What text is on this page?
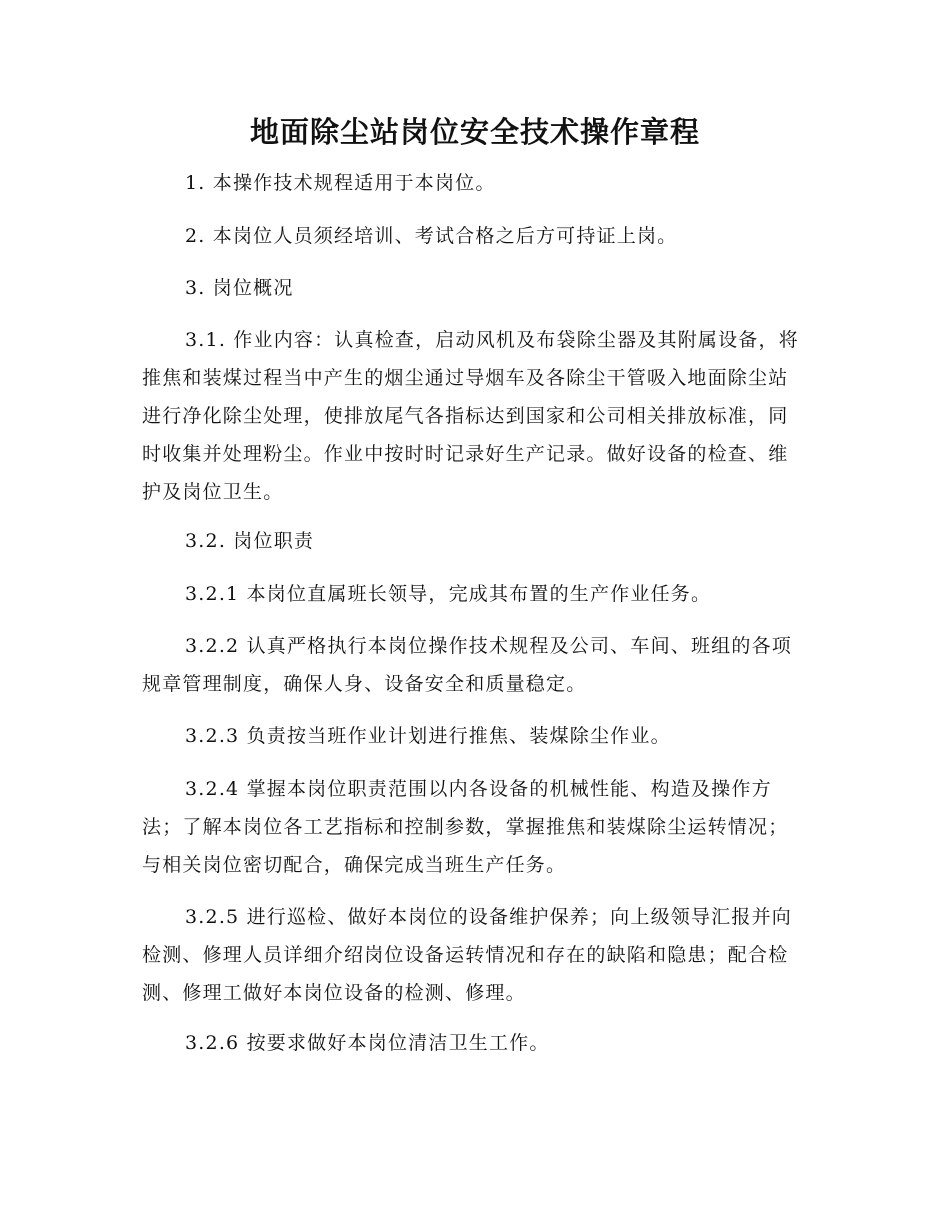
地面除尘站岗位安全技术操作章程

1. 本操作技术规程适用于本岗位。

2. 本岗位人员须经培训、考试合格之后方可持证上岗。

3. 岗位概况

3.1. 作业内容：认真检查，启动风机及布袋除尘器及其附属设备，将推焦和装煤过程当中产生的烟尘通过导烟车及各除尘干管吸入地面除尘站进行净化除尘处理，使排放尾气各指标达到国家和公司相关排放标准，同时收集并处理粉尘。作业中按时时记录好生产记录。做好设备的检查、维护及岗位卫生。

3.2. 岗位职责

3.2.1 本岗位直属班长领导，完成其布置的生产作业任务。

3.2.2 认真严格执行本岗位操作技术规程及公司、车间、班组的各项规章管理制度，确保人身、设备安全和质量稳定。

3.2.3 负责按当班作业计划进行推焦、装煤除尘作业。

3.2.4 掌握本岗位职责范围以内各设备的机械性能、构造及操作方法；了解本岗位各工艺指标和控制参数，掌握推焦和装煤除尘运转情况；与相关岗位密切配合，确保完成当班生产任务。

3.2.5 进行巡检、做好本岗位的设备维护保养；向上级领导汇报并向检测、修理人员详细介绍岗位设备运转情况和存在的缺陷和隐患；配合检测、修理工做好本岗位设备的检测、修理。

3.2.6 按要求做好本岗位清洁卫生工作。
